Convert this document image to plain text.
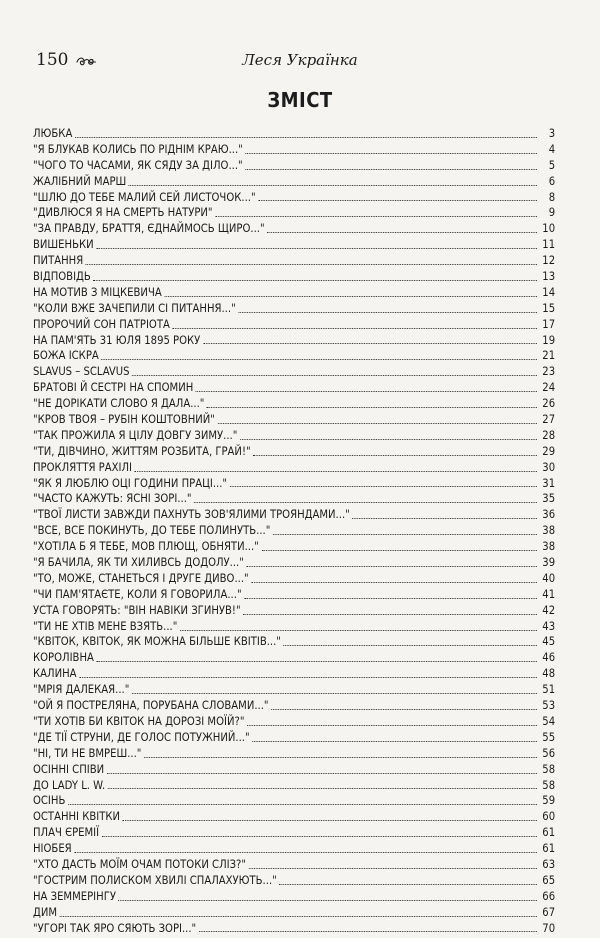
150	Леся Українка
ЗМІСТ
ЛЮБКА	3
"Я БЛУКАВ КОЛИСЬ ПО РІДНІМ КРАЮ..."	4
"ЧОГО ТО ЧАСАМИ, ЯК СЯДУ ЗА ДІЛО..."	5
ЖАЛІБНИЙ МАРШ	6
"ШЛЮ ДО ТЕБЕ МАЛИЙ СЕЙ ЛИСТОЧОК..."	8
"ДИВЛЮСЯ Я НА СМЕРТЬ НАТУРИ"	9
"ЗА ПРАВДУ, БРАТТЯ, ЄДНАЙМОСЬ ЩИРО..."	10
ВИШЕНЬКИ	11
ПИТАННЯ	12
ВІДПОВІДЬ	13
НА МОТИВ З МІЦКЕВИЧА	14
"КОЛИ ВЖЕ ЗАЧЕПИЛИ СІ ПИТАННЯ..."	15
ПРОРОЧИЙ СОН ПАТРІОТА	17
НА ПАМ'ЯТЬ 31 ЮЛЯ 1895 РОКУ	19
БОЖА ІСКРА	21
SLAVUS – SCLAVUS	23
БРАТОВІ Й СЕСТРІ НА СПОМИН	24
"НЕ ДОРІКАТИ СЛОВО Я ДАЛА..."	26
"КРОВ ТВОЯ – РУБІН КОШТОВНИЙ"	27
"ТАК ПРОЖИЛА Я ЦІЛУ ДОВГУ ЗИМУ..."	28
"ТИ, ДІВЧИНО, ЖИТТЯМ РОЗБИТА, ГРАЙ!"	29
ПРОКЛЯТТЯ РАХІЛІ	30
"ЯК Я ЛЮБЛЮ ОЦІ ГОДИНИ ПРАЦІ..."	31
"ЧАСТО КАЖУТЬ: ЯСНІ ЗОРІ..."	35
"ТВОЇ ЛИСТИ ЗАВЖДИ ПАХНУТЬ ЗОВ'ЯЛИМИ ТРОЯНДАМИ..."	36
"ВСЕ, ВСЕ ПОКИНУТЬ, ДО ТЕБЕ ПОЛИНУТЬ..."	38
"ХОТІЛА Б Я ТЕБЕ, МОВ ПЛЮЩ, ОБНЯТИ..."	38
"Я БАЧИЛА, ЯК ТИ ХИЛИВСЬ ДОДОЛУ..."	39
"ТО, МОЖЕ, СТАНЕТЬСЯ І ДРУГЕ ДИВО..."	40
"ЧИ ПАМ'ЯТАЄТЕ, КОЛИ Я ГОВОРИЛА..."	41
УСТА ГОВОРЯТЬ: "ВІН НАВІКИ ЗГИНУВ!"	42
"ТИ НЕ ХТІВ МЕНЕ ВЗЯТЬ..."	43
"КВІТОК, КВІТОК, ЯК МОЖНА БІЛЬШЕ КВІТІВ..."	45
КОРОЛІВНА	46
КАЛИНА	48
"МРІЯ ДАЛЕКАЯ..."	51
"ОЙ Я ПОСТРЕЛЯНА, ПОРУБАНА СЛОВАМИ..."	53
"ТИ ХОТІВ БИ КВІТОК НА ДОРОЗІ МОЇЙ?"	54
"ДЕ ТІЇ СТРУНИ, ДЕ ГОЛОС ПОТУЖНИЙ..."	55
"НІ, ТИ НЕ ВМРЕШ..."	56
ОСІННІ СПІВИ	58
ДО LADY L. W.	58
ОСІНЬ	59
ОСТАННІ КВІТКИ	60
ПЛАЧ ЄРЕМІЇ	61
НІОБЕЯ	61
"ХТО ДАСТЬ МОЇМ ОЧАМ ПОТОКИ СЛІЗ?"	63
"ГОСТРИМ ПОЛИСКОМ ХВИЛІ СПАЛАХУЮТЬ..."	65
НА ЗЕММЕРІНГУ	66
ДИМ	67
"УГОРІ ТАК ЯРО СЯЮТЬ ЗОРІ..."	70
